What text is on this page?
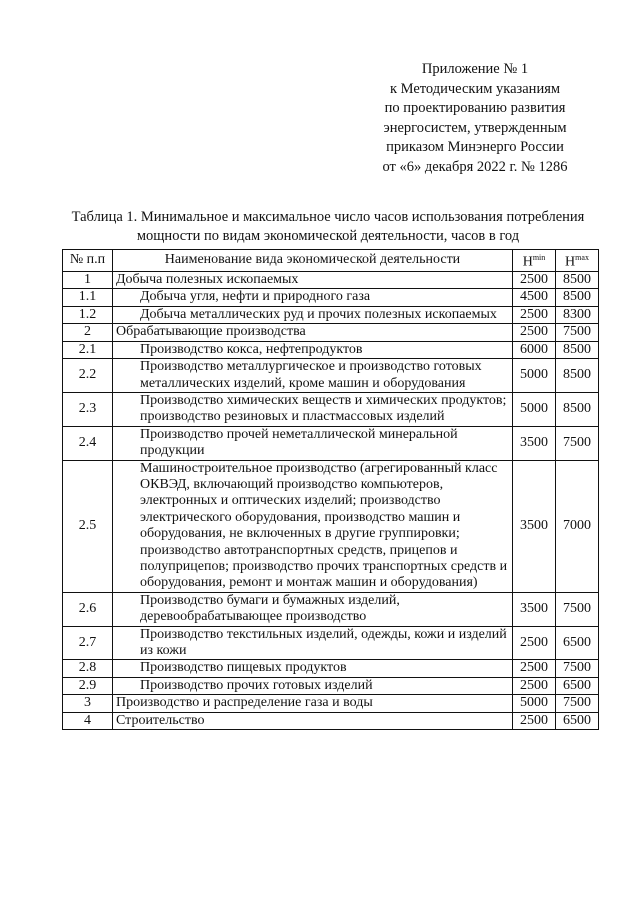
Приложение № 1
к Методическим указаниям
по проектированию развития
энергосистем, утвержденным
приказом Минэнерго России
от «6» декабря 2022 г. № 1286
Таблица 1. Минимальное и максимальное число часов использования потребления
мощности по видам экономической деятельности, часов в год
№ п.п	Наименование вида экономической деятельности	$H^{min}$	$H^{max}$
1	Добыча полезных ископаемых	2500	8500
1.1	Добыча угля, нефти и природного газа	4500	8500
1.2	Добыча металлических руд и прочих полезных ископаемых	2500	8300
2	Обрабатывающие производства	2500	7500
2.1	Производство кокса, нефтепродуктов	6000	8500
2.2	Производство металлургическое и производство готовых металлических изделий, кроме машин и оборудования	5000	8500
2.3	Производство химических веществ и химических продуктов; производство резиновых и пластмассовых изделий	5000	8500
2.4	Производство прочей неметаллической минеральной продукции	3500	7500
2.5	Машиностроительное производство (агрегированный класс ОКВЭД, включающий производство компьютеров, электронных и оптических изделий; производство электрического оборудования, производство машин и оборудования, не включенных в другие группировки; производство автотранспортных средств, прицепов и полуприцепов; производство прочих транспортных средств и оборудования, ремонт и монтаж машин и оборудования)	3500	7000
2.6	Производство бумаги и бумажных изделий, деревообрабатывающее производство	3500	7500
2.7	Производство текстильных изделий, одежды, кожи и изделий из кожи	2500	6500
2.8	Производство пищевых продуктов	2500	7500
2.9	Производство прочих готовых изделий	2500	6500
3	Производство и распределение газа и воды	5000	7500
4	Строительство	2500	6500
